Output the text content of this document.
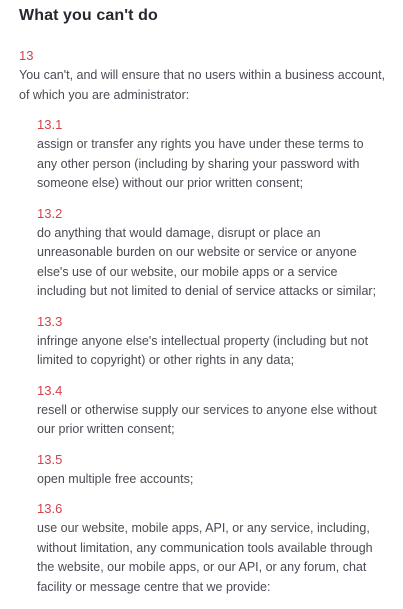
What you can't do
13
You can't, and will ensure that no users within a business account, of which you are administrator:
13.1
assign or transfer any rights you have under these terms to any other person (including by sharing your password with someone else) without our prior written consent;
13.2
do anything that would damage, disrupt or place an unreasonable burden on our website or service or anyone else's use of our website, our mobile apps or a service including but not limited to denial of service attacks or similar;
13.3
infringe anyone else's intellectual property (including but not limited to copyright) or other rights in any data;
13.4
resell or otherwise supply our services to anyone else without our prior written consent;
13.5
open multiple free accounts;
13.6
use our website, mobile apps, API, or any service, including, without limitation, any communication tools available through the website, our mobile apps, or our API, or any forum, chat facility or message centre that we provide:
